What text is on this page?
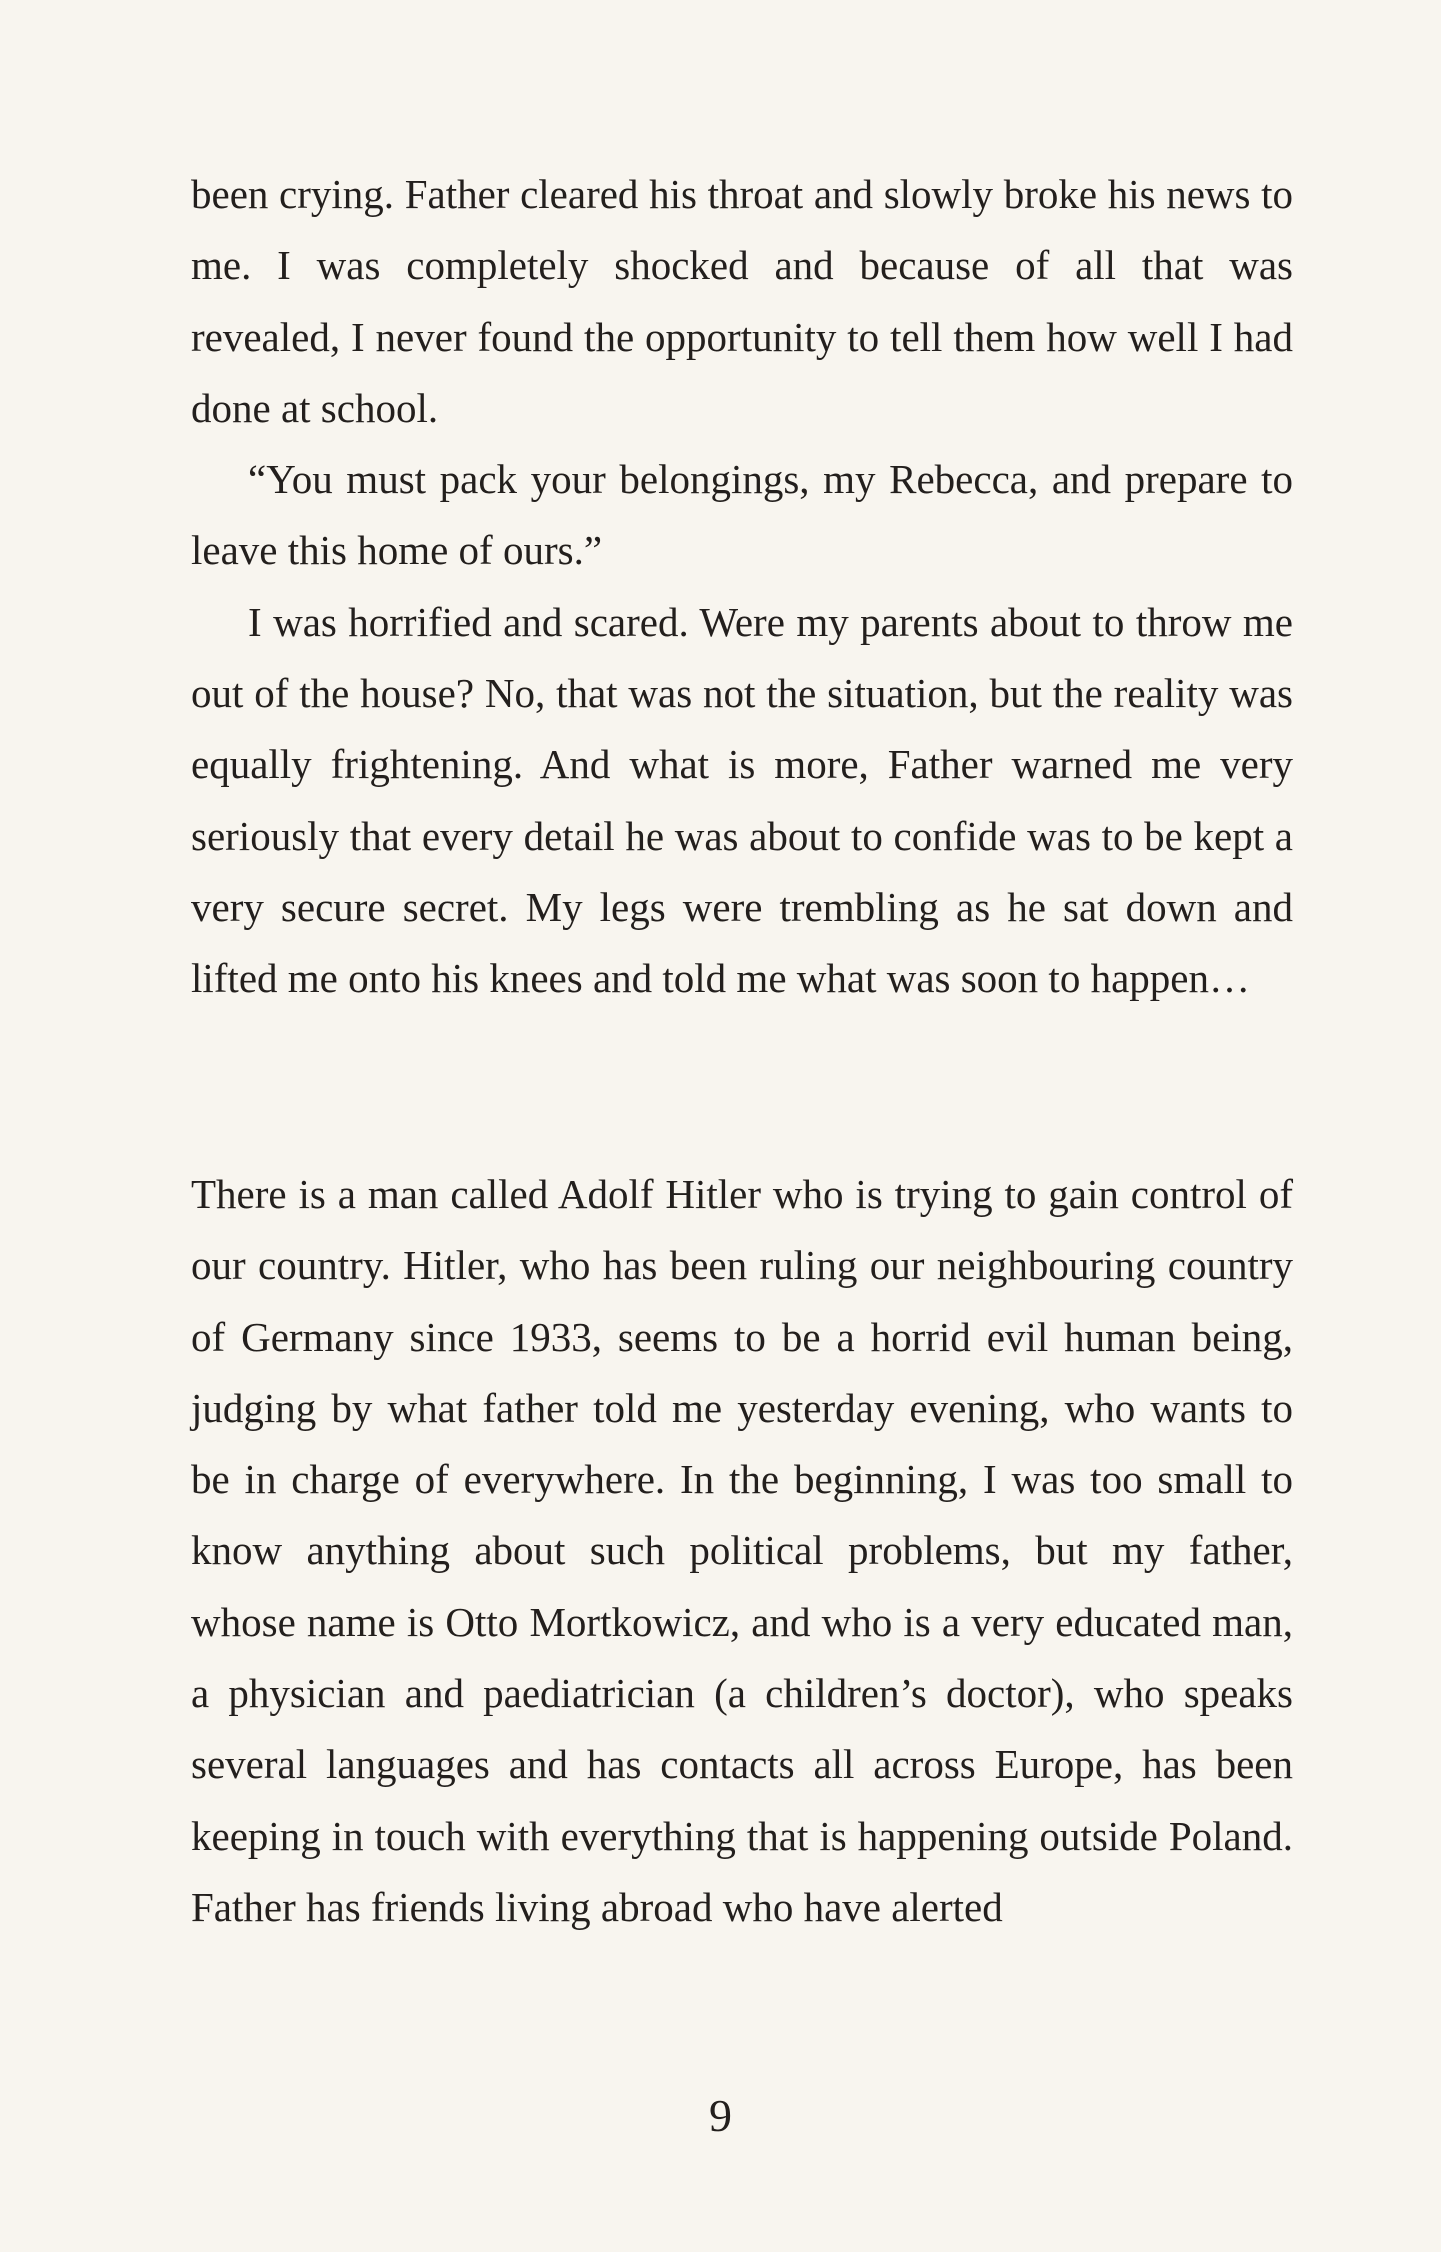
been crying. Father cleared his throat and slowly broke his news to me. I was completely shocked and because of all that was revealed, I never found the opportunity to tell them how well I had done at school.

“You must pack your belongings, my Rebecca, and prepare to leave this home of ours.”

I was horrified and scared. Were my parents about to throw me out of the house? No, that was not the situation, but the reality was equally frightening. And what is more, Father warned me very seriously that every detail he was about to confide was to be kept a very secure secret. My legs were trembling as he sat down and lifted me onto his knees and told me what was soon to happen…

There is a man called Adolf Hitler who is trying to gain control of our country. Hitler, who has been ruling our neighbouring country of Germany since 1933, seems to be a horrid evil human being, judging by what father told me yesterday evening, who wants to be in charge of everywhere. In the beginning, I was too small to know anything about such political problems, but my father, whose name is Otto Mortkowicz, and who is a very educated man, a physician and paediatrician (a children’s doctor), who speaks several languages and has contacts all across Europe, has been keeping in touch with everything that is happening outside Poland. Father has friends living abroad who have alerted

9
